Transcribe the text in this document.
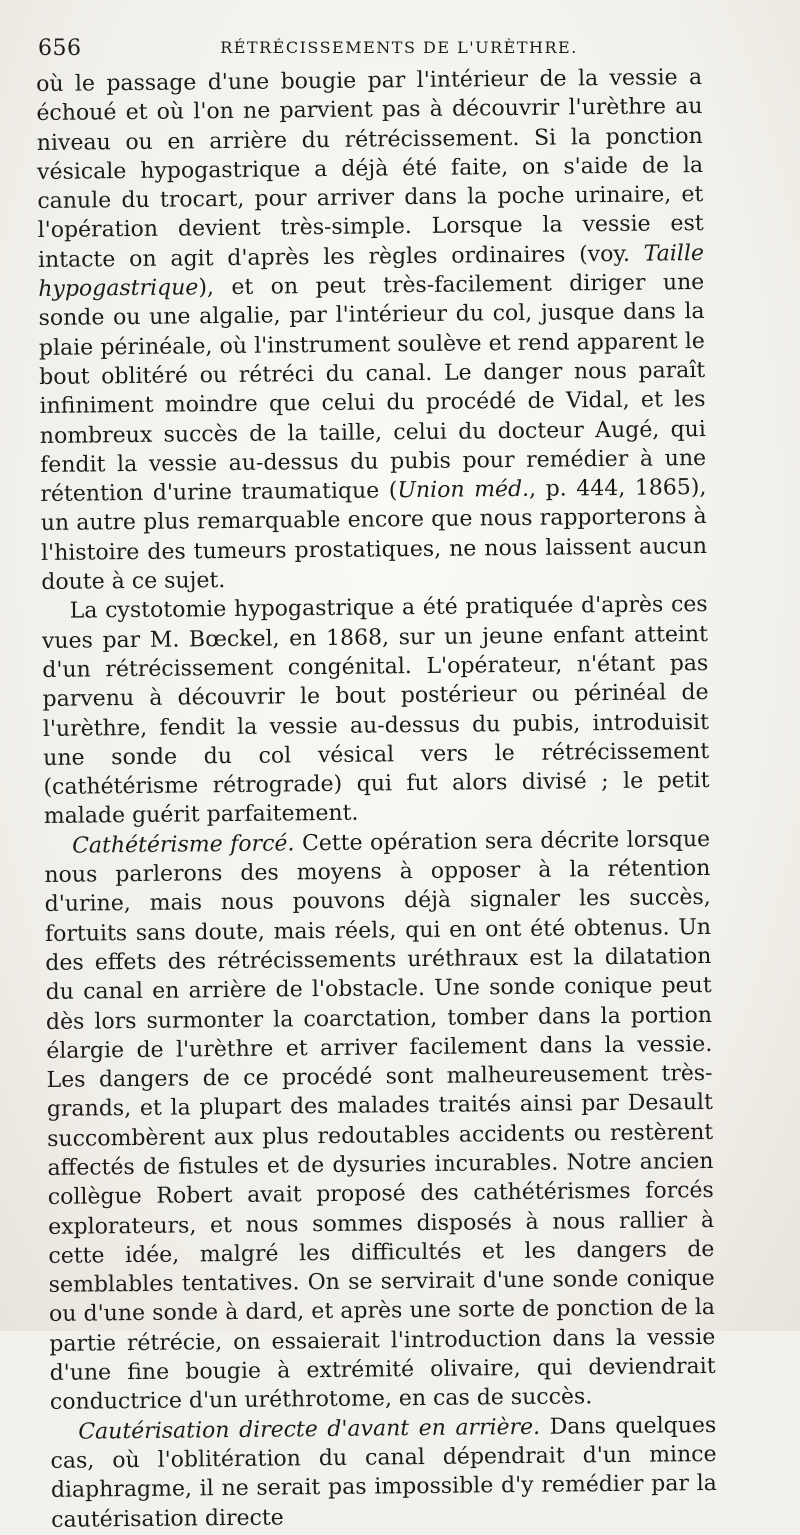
656	RÉTRÉCISSEMENTS DE L'URÈTHRE.

où le passage d'une bougie par l'intérieur de la vessie a échoué et où l'on ne parvient pas à découvrir l'urèthre au niveau ou en arrière du rétrécissement. Si la ponction vésicale hypogastrique a déjà été faite, on s'aide de la canule du trocart, pour arriver dans la poche urinaire, et l'opération devient très-simple. Lorsque la vessie est intacte on agit d'après les règles ordinaires (voy. Taille hypogastrique), et on peut très-facilement diriger une sonde ou une algalie, par l'intérieur du col, jusque dans la plaie périnéale, où l'instrument soulève et rend apparent le bout oblitéré ou rétréci du canal. Le danger nous paraît infiniment moindre que celui du procédé de Vidal, et les nombreux succès de la taille, celui du docteur Augé, qui fendit la vessie au-dessus du pubis pour remédier à une rétention d'urine traumatique (Union méd., p. 444, 1865), un autre plus remarquable encore que nous rapporterons à l'histoire des tumeurs prostatiques, ne nous laissent aucun doute à ce sujet.

La cystotomie hypogastrique a été pratiquée d'après ces vues par M. Bœckel, en 1868, sur un jeune enfant atteint d'un rétrécissement congénital. L'opérateur, n'étant pas parvenu à découvrir le bout postérieur ou périnéal de l'urèthre, fendit la vessie au-dessus du pubis, introduisit une sonde du col vésical vers le rétrécissement (cathétérisme rétrograde) qui fut alors divisé ; le petit malade guérit parfaitement.

Cathétérisme forcé. Cette opération sera décrite lorsque nous parlerons des moyens à opposer à la rétention d'urine, mais nous pouvons déjà signaler les succès, fortuits sans doute, mais réels, qui en ont été obtenus. Un des effets des rétrécissements uréthraux est la dilatation du canal en arrière de l'obstacle. Une sonde conique peut dès lors surmonter la coarctation, tomber dans la portion élargie de l'urèthre et arriver facilement dans la vessie. Les dangers de ce procédé sont malheureusement très-grands, et la plupart des malades traités ainsi par Desault succombèrent aux plus redoutables accidents ou restèrent affectés de fistules et de dysuries incurables. Notre ancien collègue Robert avait proposé des cathétérismes forcés explorateurs, et nous sommes disposés à nous rallier à cette idée, malgré les difficultés et les dangers de semblables tentatives. On se servirait d'une sonde conique ou d'une sonde à dard, et après une sorte de ponction de la partie rétrécie, on essaierait l'introduction dans la vessie d'une fine bougie à extrémité olivaire, qui deviendrait conductrice d'un uréthrotome, en cas de succès.

Cautérisation directe d'avant en arrière. Dans quelques cas, où l'oblitération du canal dépendrait d'un mince diaphragme, il ne serait pas impossible d'y remédier par la cautérisation directe
